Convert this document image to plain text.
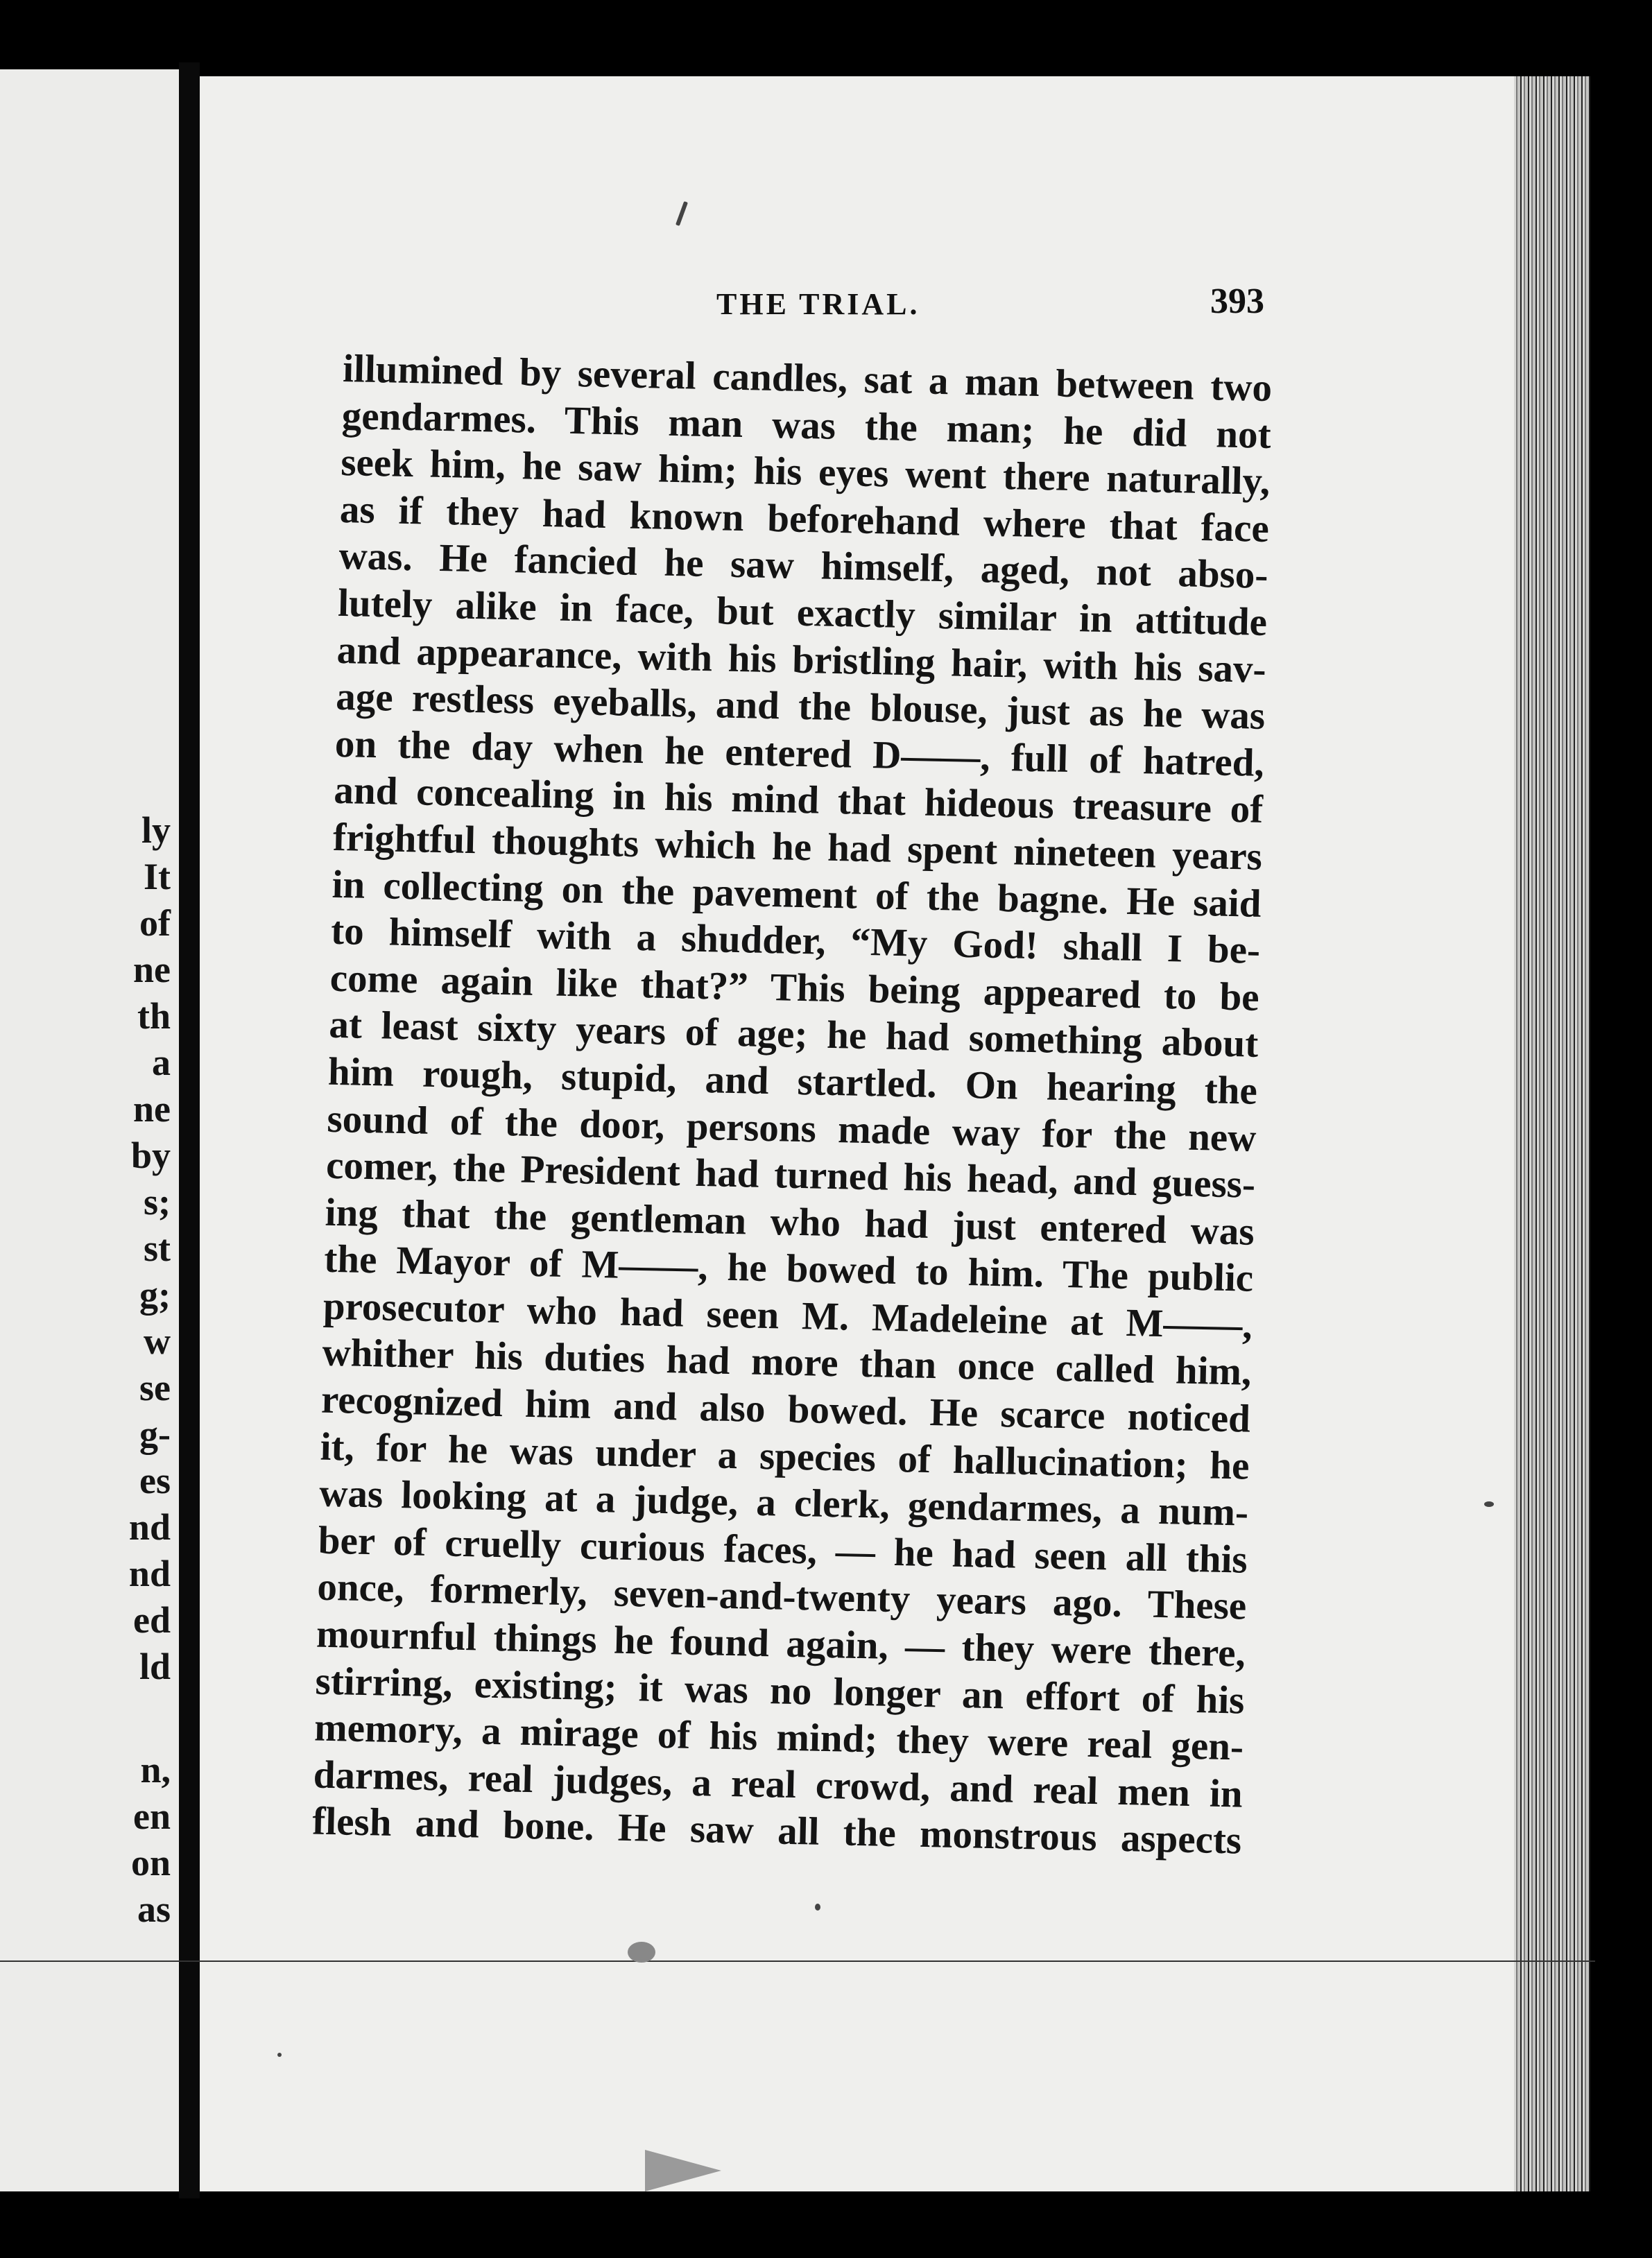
ly
It
of
ne
th
a
ne
by
s;
st
g;
w
se
g-
es
nd
nd
ed
ld
n,
en
on
as
THE TRIAL.	393
illumined by several candles, sat a man between two
gendarmes. This man was the man; he did not
seek him, he saw him; his eyes went there naturally,
as if they had known beforehand where that face
was. He fancied he saw himself, aged, not abso-
lutely alike in face, but exactly similar in attitude
and appearance, with his bristling hair, with his sav-
age restless eyeballs, and the blouse, just as he was
on the day when he entered D——, full of hatred,
and concealing in his mind that hideous treasure of
frightful thoughts which he had spent nineteen years
in collecting on the pavement of the bagne. He said
to himself with a shudder, “My God! shall I be-
come again like that?” This being appeared to be
at least sixty years of age; he had something about
him rough, stupid, and startled. On hearing the
sound of the door, persons made way for the new
comer, the President had turned his head, and guess-
ing that the gentleman who had just entered was
the Mayor of M——, he bowed to him. The public
prosecutor who had seen M. Madeleine at M——,
whither his duties had more than once called him,
recognized him and also bowed. He scarce noticed
it, for he was under a species of hallucination; he
was looking at a judge, a clerk, gendarmes, a num-
ber of cruelly curious faces, — he had seen all this
once, formerly, seven-and-twenty years ago. These
mournful things he found again, — they were there,
stirring, existing; it was no longer an effort of his
memory, a mirage of his mind; they were real gen-
darmes, real judges, a real crowd, and real men in
flesh and bone. He saw all the monstrous aspects
